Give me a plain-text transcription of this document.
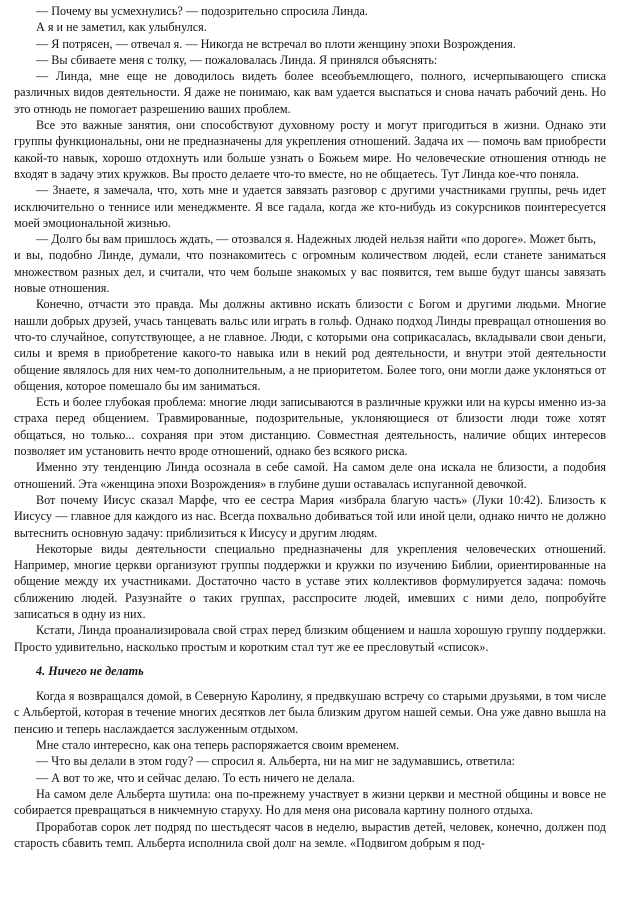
— Почему вы усмехнулись? — подозрительно спросила Линда.

А я и не заметил, как улыбнулся.

— Я потрясен, — отвечал я. — Никогда не встречал во плоти женщину эпохи Возрождения.

— Вы сбиваете меня с толку, — пожаловалась Линда. Я принялся объяснять:

— Линда, мне еще не доводилось видеть более всеобъемлющего, полного, исчерпывающего списка различных видов деятельности. Я даже не понимаю, как вам удается выспаться и снова начать рабочий день. Но это отнюдь не помогает разрешению ваших проблем.

Все это важные занятия, они способствуют духовному росту и могут пригодиться в жизни. Однако эти группы функциональны, они не предназначены для укрепления отношений. Задача их — помочь вам приобрести какой-то навык, хорошо отдохнуть или больше узнать о Божьем мире. Но человеческие отношения отнюдь не входят в задачу этих кружков. Вы просто делаете что-то вместе, но не общаетесь. Тут Линда кое-что поняла.

— Знаете, я замечала, что, хоть мне и удается завязать разговор с другими участниками группы, речь идет исключительно о теннисе или менеджменте. Я все гадала, когда же кто-нибудь из сокурсников поинтересуется моей эмоциональной жизнью.

— Долго бы вам пришлось ждать, — отозвался я. Надежных людей нельзя найти «по дороге». Может быть,

и вы, подобно Линде, думали, что познакомитесь с огромным количеством людей, если станете заниматься множеством разных дел, и считали, что чем больше знакомых у вас появится, тем выше будут шансы завязать новые отношения.

Конечно, отчасти это правда. Мы должны активно искать близости с Богом и другими людьми. Многие нашли добрых друзей, учась танцевать вальс или играть в гольф. Однако подход Линды превращал отношения во что-то случайное, сопутствующее, а не главное. Люди, с которыми она соприкасалась, вкладывали свои деньги, силы и время в приобретение какого-то навыка или в некий род деятельности, и внутри этой деятельности общение являлось для них чем-то дополнительным, а не приоритетом. Более того, они могли даже уклоняться от общения, которое помешало бы им заниматься.

Есть и более глубокая проблема: многие люди записываются в различные кружки или на курсы именно из-за страха перед общением. Травмированные, подозрительные, уклоняющиеся от близости люди тоже хотят общаться, но только... сохраняя при этом дистанцию. Совместная деятельность, наличие общих интересов позволяет им установить нечто вроде отношений, однако без всякого риска.

Именно эту тенденцию Линда осознала в себе самой. На самом деле она искала не близости, а подобия отношений. Эта «женщина эпохи Возрождения» в глубине души оставалась испуганной девочкой.

Вот почему Иисус сказал Марфе, что ее сестра Мария «избрала благую часть» (Луки 10:42). Близость к Иисусу — главное для каждого из нас. Всегда похвально добиваться той или иной цели, однако ничто не должно вытеснить основную задачу: приблизиться к Иисусу и другим людям.

Некоторые виды деятельности специально предназначены для укрепления человеческих отношений. Например, многие церкви организуют группы поддержки и кружки по изучению Библии, ориентированные на общение между их участниками. Достаточно часто в уставе этих коллективов формулируется задача: помочь сближению людей. Разузнайте о таких группах, расспросите людей, имевших с ними дело, попробуйте записаться в одну из них.

Кстати, Линда проанализировала свой страх перед близким общением и нашла хорошую группу поддержки. Просто удивительно, насколько простым и коротким стал тут же ее пресловутый «список».

4. Ничего не делать

Когда я возвращался домой, в Северную Каролину, я предвкушаю встречу со старыми друзьями, в том числе с Альбертой, которая в течение многих десятков лет была близким другом нашей семьи. Она уже давно вышла на пенсию и теперь наслаждается заслуженным отдыхом.

Мне стало интересно, как она теперь распоряжается своим временем.

— Что вы делали в этом году? — спросил я. Альберта, ни на миг не задумавшись, ответила:

— А вот то же, что и сейчас делаю. То есть ничего не делала.

На самом деле Альберта шутила: она по-прежнему участвует в жизни церкви и местной общины и вовсе не собирается превращаться в никчемную старуху. Но для меня она рисовала картину полного отдыха.

Проработав сорок лет подряд по шестьдесят часов в неделю, вырастив детей, человек, конечно, должен под старость сбавить темп. Альберта исполнила свой долг на земле. «Подвигом добрым я под-
